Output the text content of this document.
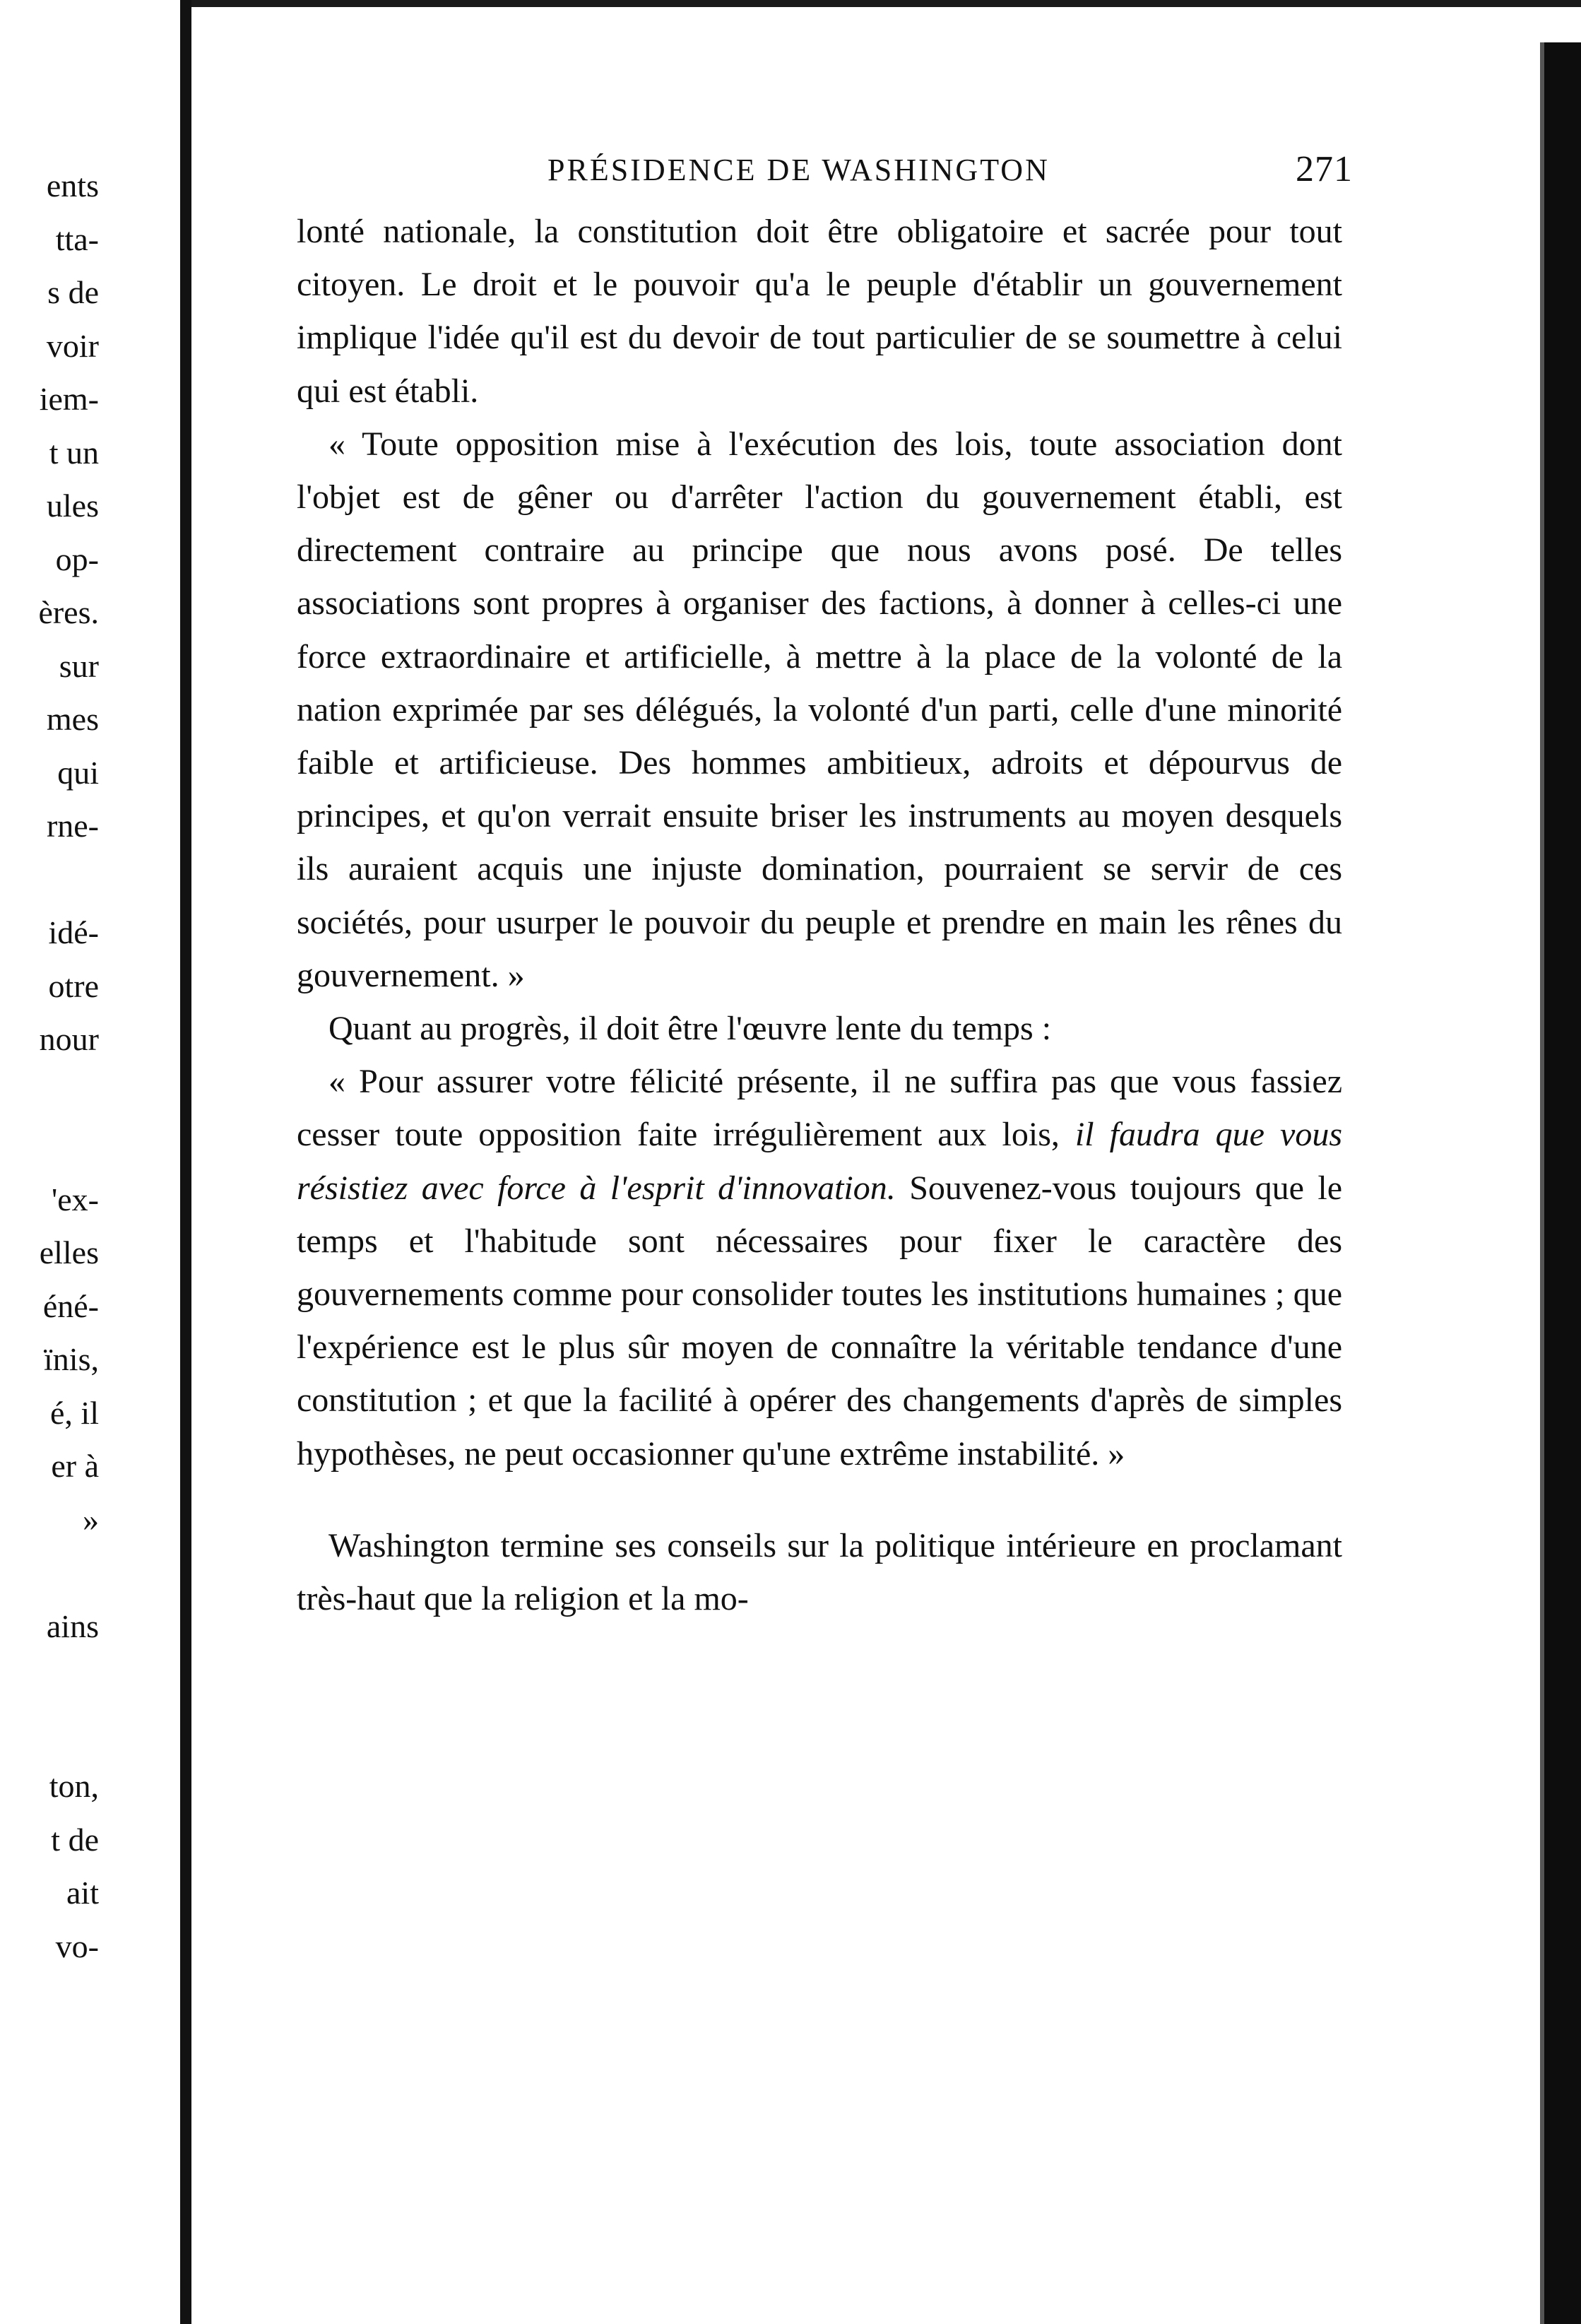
ents
tta-
s de
voir
iem-
t un
ules
op-
ères.
sur
mes
qui
rne-
idé-
otre
nour
'ex-
elles
éné-
ïnis,
é, il
er à
»
ains
ton,
t de
ait
vo-
PRÉSIDENCE DE WASHINGTON	271

lonté nationale, la constitution doit être obligatoire et sacrée pour tout citoyen. Le droit et le pouvoir qu'a le peuple d'établir un gouvernement implique l'idée qu'il est du devoir de tout particulier de se soumettre à celui qui est établi.

« Toute opposition mise à l'exécution des lois, toute association dont l'objet est de gêner ou d'arrêter l'action du gouvernement établi, est directement contraire au principe que nous avons posé. De telles associations sont propres à organiser des factions, à donner à celles-ci une force extraordinaire et artificielle, à mettre à la place de la volonté de la nation exprimée par ses délégués, la volonté d'un parti, celle d'une minorité faible et artificieuse. Des hommes ambitieux, adroits et dépourvus de principes, et qu'on verrait ensuite briser les instruments au moyen desquels ils auraient acquis une injuste domination, pourraient se servir de ces sociétés, pour usurper le pouvoir du peuple et prendre en main les rênes du gouvernement. »

Quant au progrès, il doit être l'œuvre lente du temps :

« Pour assurer votre félicité présente, il ne suffira pas que vous fassiez cesser toute opposition faite irrégulièrement aux lois, il faudra que vous résistiez avec force à l'esprit d'innovation. Souvenez-vous toujours que le temps et l'habitude sont nécessaires pour fixer le caractère des gouvernements comme pour consolider toutes les institutions humaines ; que l'expérience est le plus sûr moyen de connaître la véritable tendance d'une constitution ; et que la facilité à opérer des changements d'après de simples hypothèses, ne peut occasionner qu'une extrême instabilité. »

Washington termine ses conseils sur la politique intérieure en proclamant très-haut que la religion et la mo-
